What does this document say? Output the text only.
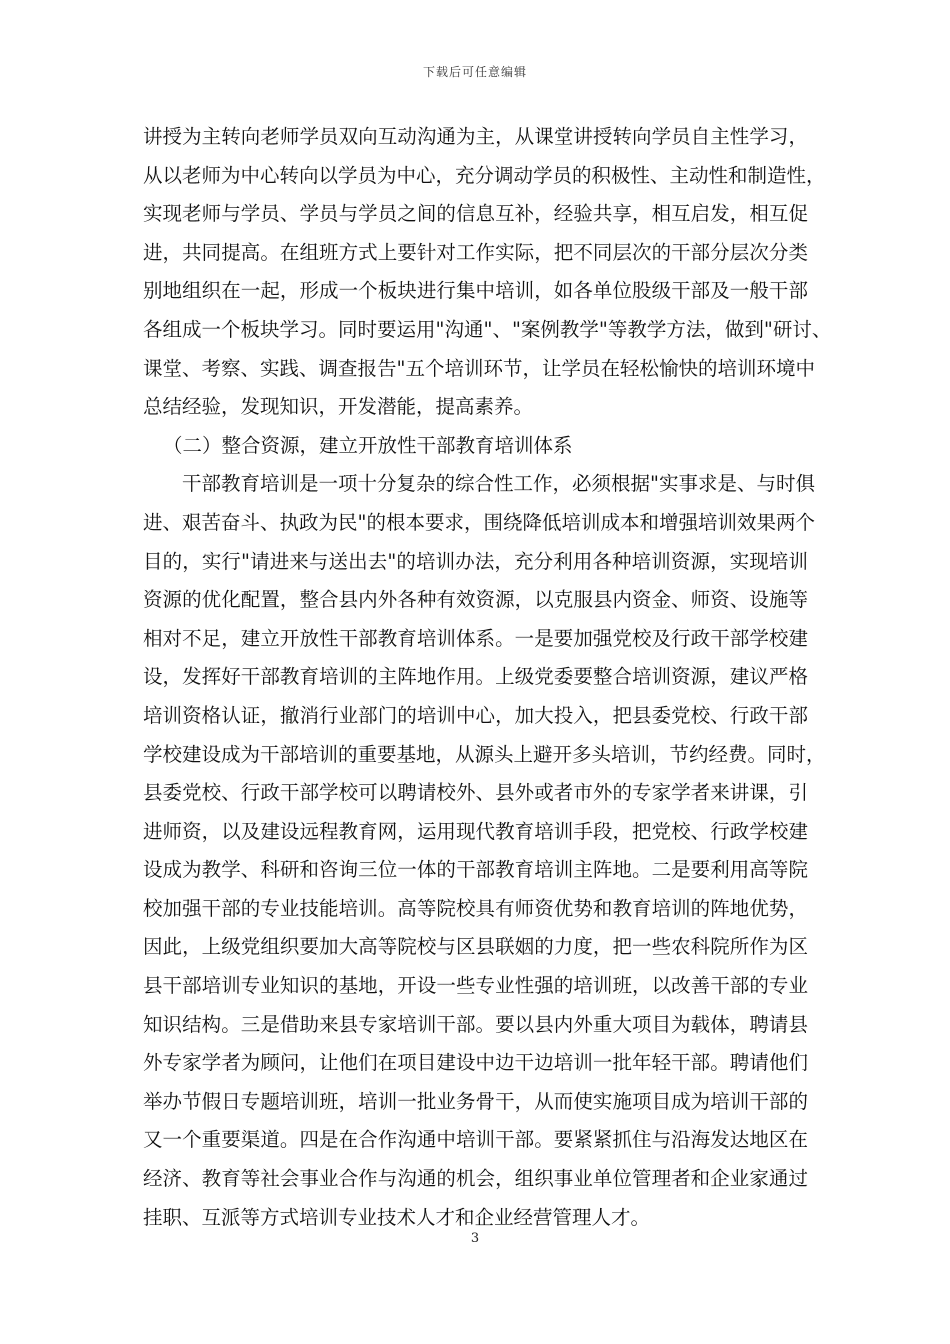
下载后可任意编辑
讲授为主转向老师学员双向互动沟通为主，从课堂讲授转向学员自主性学习，
从以老师为中心转向以学员为中心，充分调动学员的积极性、主动性和制造性，
实现老师与学员、学员与学员之间的信息互补，经验共享，相互启发，相互促
进，共同提高。在组班方式上要针对工作实际，把不同层次的干部分层次分类
别地组织在一起，形成一个板块进行集中培训，如各单位股级干部及一般干部
各组成一个板块学习。同时要运用"沟通"、"案例教学"等教学方法，做到"研讨、
课堂、考察、实践、调查报告"五个培训环节，让学员在轻松愉快的培训环境中
总结经验，发现知识，开发潜能，提高素养。
（二）整合资源，建立开放性干部教育培训体系
干部教育培训是一项十分复杂的综合性工作，必须根据"实事求是、与时俱
进、艰苦奋斗、执政为民"的根本要求，围绕降低培训成本和增强培训效果两个
目的，实行"请进来与送出去"的培训办法，充分利用各种培训资源，实现培训
资源的优化配置，整合县内外各种有效资源，以克服县内资金、师资、设施等
相对不足，建立开放性干部教育培训体系。一是要加强党校及行政干部学校建
设，发挥好干部教育培训的主阵地作用。上级党委要整合培训资源，建议严格
培训资格认证，撤消行业部门的培训中心，加大投入，把县委党校、行政干部
学校建设成为干部培训的重要基地，从源头上避开多头培训，节约经费。同时，
县委党校、行政干部学校可以聘请校外、县外或者市外的专家学者来讲课，引
进师资，以及建设远程教育网，运用现代教育培训手段，把党校、行政学校建
设成为教学、科研和咨询三位一体的干部教育培训主阵地。二是要利用高等院
校加强干部的专业技能培训。高等院校具有师资优势和教育培训的阵地优势，
因此，上级党组织要加大高等院校与区县联姻的力度，把一些农科院所作为区
县干部培训专业知识的基地，开设一些专业性强的培训班，以改善干部的专业
知识结构。三是借助来县专家培训干部。要以县内外重大项目为载体，聘请县
外专家学者为顾问，让他们在项目建设中边干边培训一批年轻干部。聘请他们
举办节假日专题培训班，培训一批业务骨干，从而使实施项目成为培训干部的
又一个重要渠道。四是在合作沟通中培训干部。要紧紧抓住与沿海发达地区在
经济、教育等社会事业合作与沟通的机会，组织事业单位管理者和企业家通过
挂职、互派等方式培训专业技术人才和企业经营管理人才。
3
